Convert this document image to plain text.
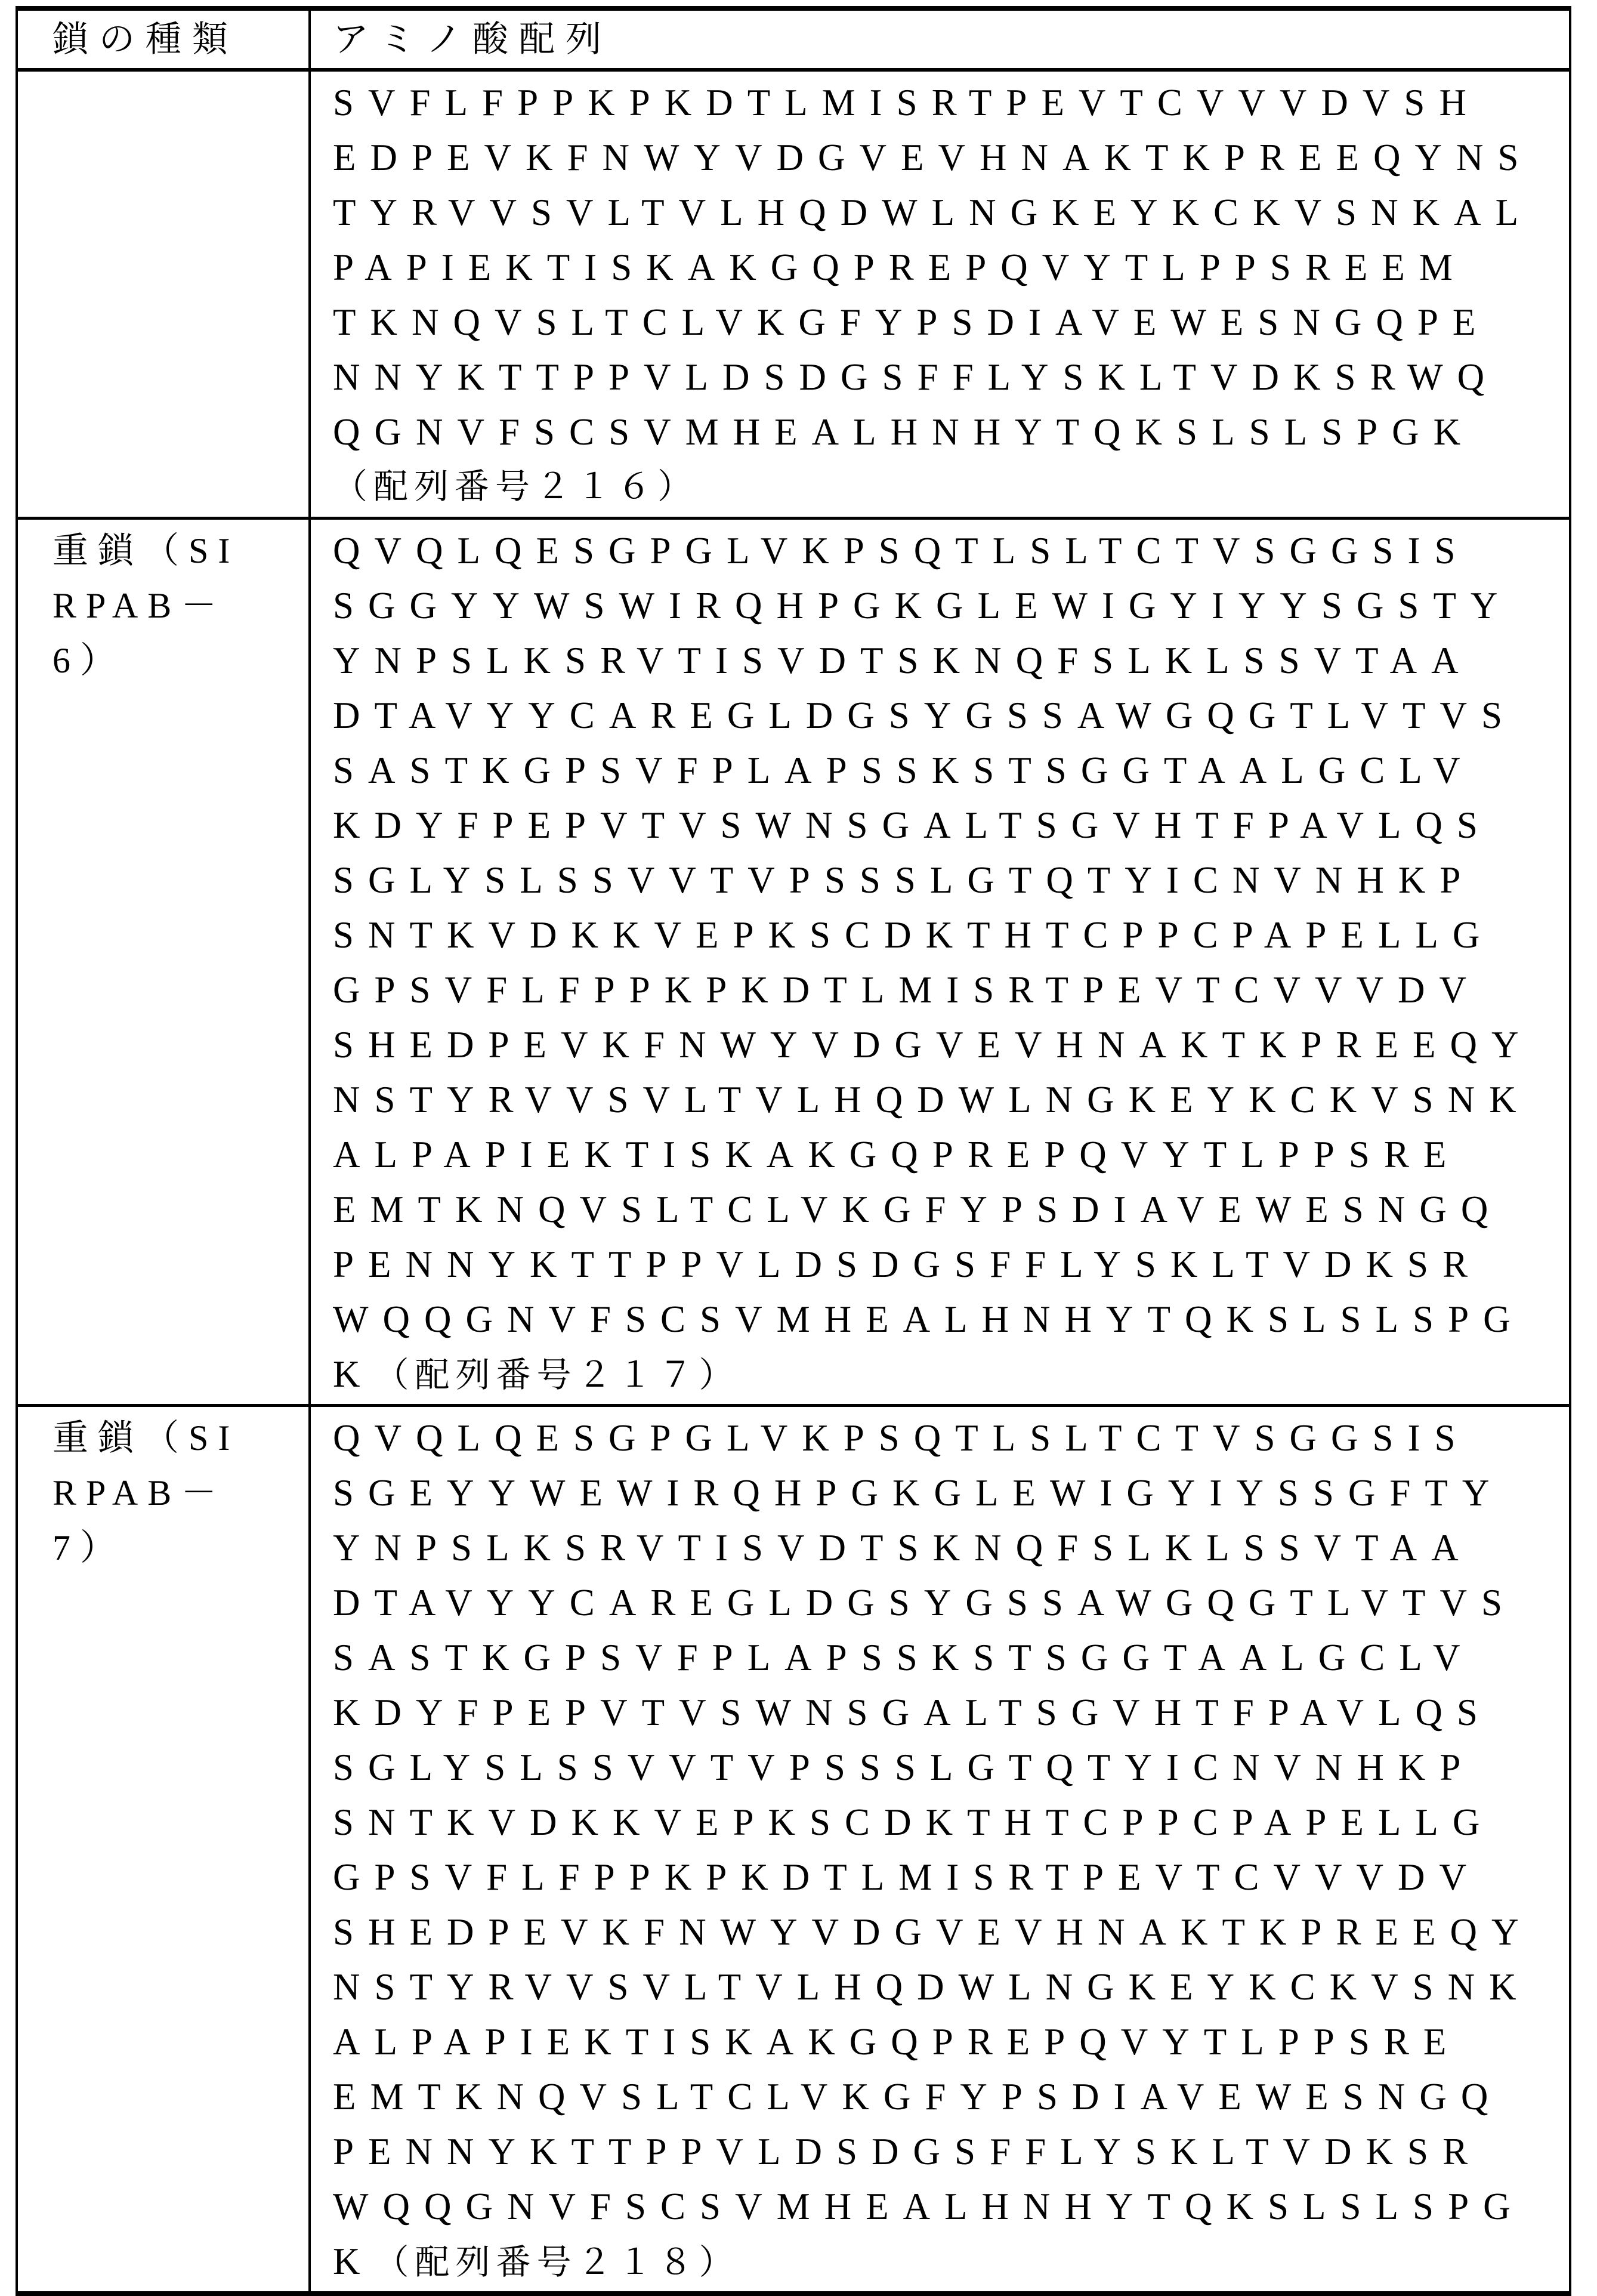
鎖の種類	アミノ酸配列
SVFLFPPKPKDTLMISRTPEVTCVVVDVSH
EDPEVKFNWYVDGVEVHNAKTKPREEQYNS
TYRVVSVLTVLHQDWLNGKEYKCKVSNKAL
PAPIEKTISKAKGQPREPQVYTLPPSREEM
TKNQVSLTCLVKGFYPSDIAVEWESNGQPE
NNYKTTPPVLDSDGSFFLYSKLTVDKSRWQ
QGNVFSCSVMHEALHNHYTQKSLSLSPGK
（配列番号２１６）
重鎖（SI
RPAB－
6）
QVQLQESGPGLVKPSQTLSLTCTVSGGSIS
SGGYYWSWIRQHPGKGLEWIGYIYYSGSTY
YNPSLKSRVTISVDTSKNQFSLKLSSVTAA
DTAVYYCAREGLDGSYGSSAWGQGTLVTVS
SASTKGPSVFPLAPSSKSTSGGTAALGCLV
KDYFPEPVTVSWNSGALTSGVHTFPAVLQS
SGLYSLSSVVTVPSSSLGTQTYICNVNHKP
SNTKVDKKVEPKSCDKTHTCPPCPAPELLG
GPSVFLFPPKPKDTLMISRTPEVTCVVVDV
SHEDPEVKFNWYVDGVEVHNAKTKPREEQY
NSTYRVVSVLTVLHQDWLNGKEYKCKVSNK
ALPAPIEKTISKAKGQPREPQVYTLPPSRE
EMTKNQVSLTCLVKGFYPSDIAVEWESNGQ
PENNYKTTPPVLDSDGSFFLYSKLTVDKSR
WQQGNVFSCSVMHEALHNHYTQKSLSLSPG
K（配列番号２１７）
重鎖（SI
RPAB－
7）
QVQLQESGPGLVKPSQTLSLTCTVSGGSIS
SGEYYWEWIRQHPGKGLEWIGYIYSSGFTY
YNPSLKSRVTISVDTSKNQFSLKLSSVTAA
DTAVYYCAREGLDGSYGSSAWGQGTLVTVS
SASTKGPSVFPLAPSSKSTSGGTAALGCLV
KDYFPEPVTVSWNSGALTSGVHTFPAVLQS
SGLYSLSSVVTVPSSSLGTQTYICNVNHKP
SNTKVDKKVEPKSCDKTHTCPPCPAPELLG
GPSVFLFPPKPKDTLMISRTPEVTCVVVDV
SHEDPEVKFNWYVDGVEVHNAKTKPREEQY
NSTYRVVSVLTVLHQDWLNGKEYKCKVSNK
ALPAPIEKTISKAKGQPREPQVYTLPPSRE
EMTKNQVSLTCLVKGFYPSDIAVEWESNGQ
PENNYKTTPPVLDSDGSFFLYSKLTVDKSR
WQQGNVFSCSVMHEALHNHYTQKSLSLSPG
K（配列番号２１８）
